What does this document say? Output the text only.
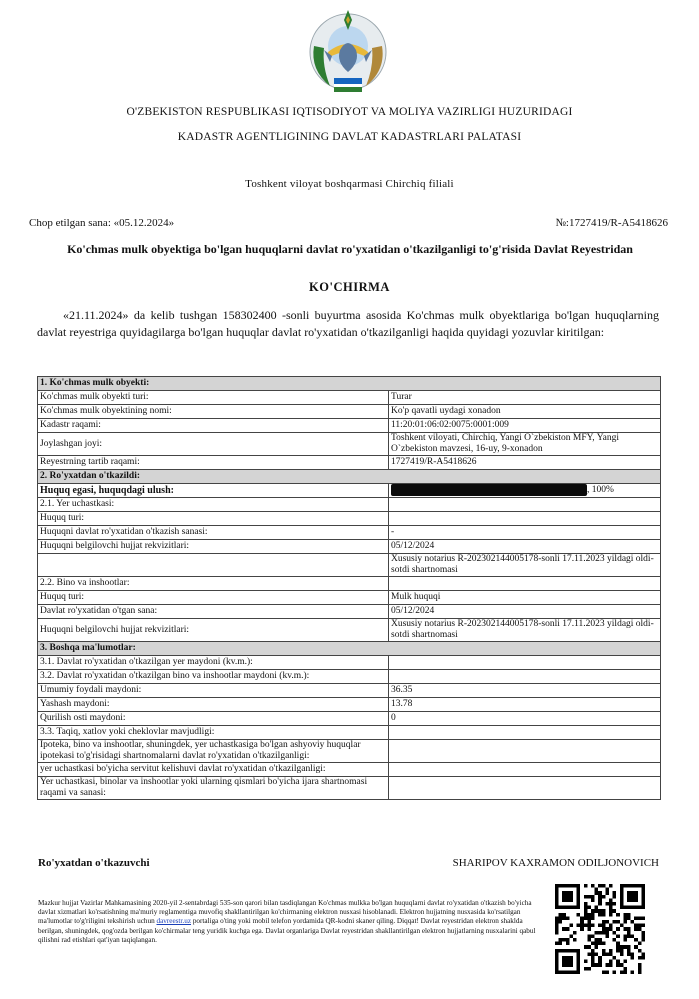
O'ZBEKISTON RESPUBLIKASI IQTISODIYOT VA MOLIYA VAZIRLIGI HUZURIDAGI
KADASTR AGENTLIGINING DAVLAT KADASTRLARI PALATASI
Toshkent viloyat boshqarmasi Chirchiq filiali
Chop etilgan sana: «05.12.2024»	№:1727419/R-A5418626
Ko'chmas mulk obyektiga bo'lgan huquqlarni davlat ro'yxatidan o'tkazilganligi to'g'risida Davlat Reyestridan
KO'CHIRMA
«21.11.2024» da kelib tushgan 158302400 -sonli buyurtma asosida Ko'chmas mulk obyektlariga bo'lgan huquqlarning davlat reyestriga quyidagilarga bo'lgan huquqlar davlat ro'yxatidan o'tkazilganligi haqida quyidagi yozuvlar kiritilgan:
1. Ko'chmas mulk obyekti:	
Ko'chmas mulk obyekti turi:	Turar
Ko'chmas mulk obyektining nomi:	Ko'p qavatli uydagi xonadon
Kadastr raqami:	11:20:01:06:02:0075:0001:009
Joylashgan joyi:	Toshkent viloyati, Chirchiq, Yangi O`zbekiston MFY, Yangi O`zbekiston mavzesi, 16-uy, 9-xonadon
Reyestrning tartib raqami:	1727419/R-A5418626
2. Ro'yxatdan o'tkazildi:	
Huquq egasi, huquqdagi ulush:	, 100%
2.1. Yer uchastkasi:	
Huquq turi:	
Huquqni davlat ro'yxatidan o'tkazish sanasi:	-
Huquqni belgilovchi hujjat rekvizitlari:	05/12/2024
	Xususiy notarius R-202302144005178-sonli 17.11.2023 yildagi oldi-sotdi shartnomasi
2.2. Bino va inshootlar:	
Huquq turi:	Mulk huquqi
Davlat ro'yxatidan o'tgan sana:	05/12/2024
Huquqni belgilovchi hujjat rekvizitlari:	Xususiy notarius R-202302144005178-sonli 17.11.2023 yildagi oldi-sotdi shartnomasi
3. Boshqa ma'lumotlar:	
3.1. Davlat ro'yxatidan o'tkazilgan yer maydoni (kv.m.):	
3.2. Davlat ro'yxatidan o'tkazilgan bino va inshootlar maydoni (kv.m.):	
Umumiy foydali maydoni:	36.35
Yashash maydoni:	13.78
Qurilish osti maydoni:	0
3.3. Taqiq, xatlov yoki cheklovlar mavjudligi:	
Ipoteka, bino va inshootlar, shuningdek, yer uchastkasiga bo'lgan ashyoviy huquqlar ipotekasi to'g'risidagi shartnomalarni davlat ro'yxatidan o'tkazilganligi:	
yer uchastkasi bo'yicha servitut kelishuvi davlat ro'yxatidan o'tkazilganligi:	
Yer uchastkasi, binolar va inshootlar yoki ularning qismlari bo'yicha ijara shartnomasi raqami va sanasi:	
Ro'yxatdan o'tkazuvchi	SHARIPOV KAXRAMON ODILJONOVICH
Mazkur hujjat Vazirlar Mahkamasining 2020-yil 2-sentabrdagi 535-son qarori bilan tasdiqlangan Ko'chmas mulkka bo'lgan huquqlarni davlat ro'yxatidan o'tkazish bo'yicha davlat xizmatlari ko'rsatishning ma'muriy reglamentiga muvofiq shakllantirilgan ko'chirmaning elektron nusxasi hisoblanadi. Elektron hujjatning nusxasida ko'rsatilgan ma'lumotlar to'g'riligini tekshirish uchun davreestr.uz portaliga o'ting yoki mobil telefon yordamida QR-kodni skaner qiling. Diqqat! Davlat reyestridan elektron shaklda berilgan, shuningdek, qog'ozda berilgan ko'chirmalar teng yuridik kuchga ega. Davlat organlariga Davlat reyestridan shakllantirilgan elektron hujjatlarning nusxalarini qabul qilishni rad etishlari qat'iyan taqiqlangan.
